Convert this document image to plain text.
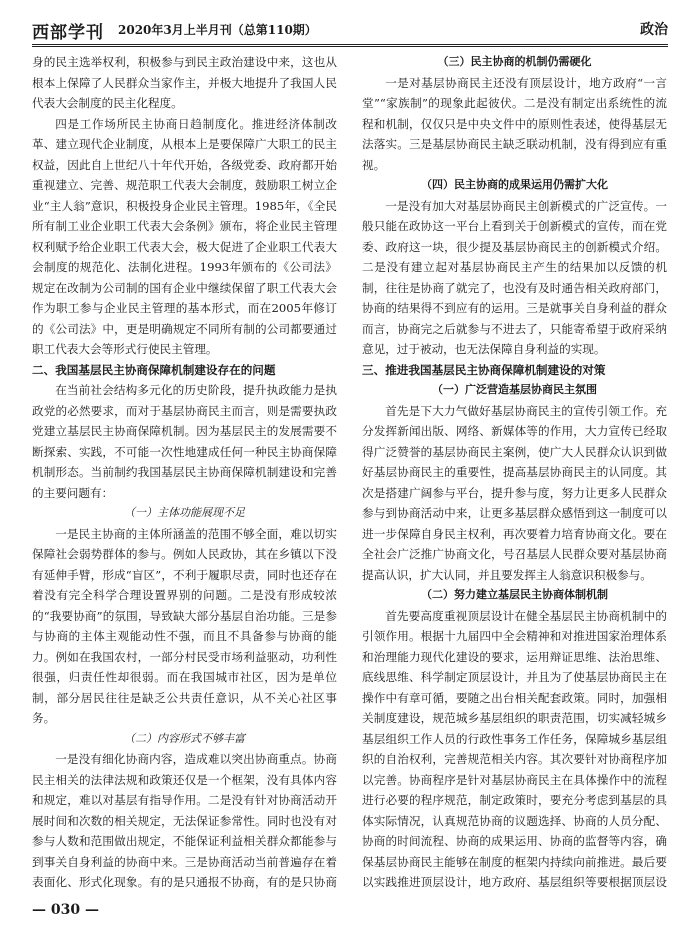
西部学刊 2020年3月上半月刊（总第110期）	政治

身的民主选举权利，积极参与到民主政治建设中来，这也从根本上保障了人民群众当家作主，并极大地提升了我国人民代表大会制度的民主化程度。

四是工作场所民主协商日趋制度化。推进经济体制改革、建立现代企业制度，从根本上是要保障广大职工的民主权益，因此自上世纪八十年代开始，各级党委、政府都开始重视建立、完善、规范职工代表大会制度，鼓励职工树立企业“主人翁”意识，积极投身企业民主管理。1985年，《全民所有制工业企业职工代表大会条例》颁布，将企业民主管理权利赋予给企业职工代表大会，极大促进了企业职工代表大会制度的规范化、法制化进程。1993年颁布的《公司法》规定在改制为公司制的国有企业中继续保留了职工代表大会作为职工参与企业民主管理的基本形式，而在2005年修订的《公司法》中，更是明确规定不同所有制的公司都要通过职工代表大会等形式行使民主管理。

二、我国基层民主协商保障机制建设存在的问题

在当前社会结构多元化的历史阶段，提升执政能力是执政党的必然要求，而对于基层协商民主而言，则是需要执政党建立基层民主协商保障机制。因为基层民主的发展需要不断探索、实践，不可能一次性地建成任何一种民主协商保障机制形态。当前制约我国基层民主协商保障机制建设和完善的主要问题有：

（一）主体功能展现不足

一是民主协商的主体所涵盖的范围不够全面，难以切实保障社会弱势群体的参与。例如人民政协，其在乡镇以下没有延伸手臂，形成“盲区”，不利于履职尽责，同时也还存在着没有完全科学合理设置界别的问题。二是没有形成较浓的“我要协商”的氛围，导致缺大部分基层自治功能。三是参与协商的主体主观能动性不强，而且不具备参与协商的能力。例如在我国农村，一部分村民受市场利益驱动，功利性很强，归责任性却很弱。而在我国城市社区，因为是单位制，部分居民往往是缺乏公共责任意识，从不关心社区事务。

（二）内容形式不够丰富

一是没有细化协商内容，造成难以突出协商重点。协商民主相关的法律法规和政策还仅是一个框架，没有具体内容和规定，难以对基层有指导作用。二是没有针对协商活动开展时间和次数的相关规定，无法保证参常性。同时也没有对参与人数和范围做出规定，不能保证利益相关群众都能参与到事关自身利益的协商中来。三是协商活动当前普遍存在着表面化、形式化现象。有的是只通报不协商，有的是只协商

（三）民主协商的机制仍需硬化

一是对基层协商民主还没有顶层设计，地方政府“一言堂”“家族制”的现象此起彼伏。二是没有制定出系统性的流程和机制，仅仅只是中央文件中的原则性表述，使得基层无法落实。三是基层协商民主缺乏联动机制，没有得到应有重视。

（四）民主协商的成果运用仍需扩大化

一是没有加大对基层协商民主创新模式的广泛宣传。一般只能在政协这一平台上看到关于创新模式的宣传，而在党委、政府这一块，很少提及基层协商民主的创新模式介绍。二是没有建立起对基层协商民主产生的结果加以反馈的机制，往往是协商了就完了，也没有及时通告相关政府部门，协商的结果得不到应有的运用。三是就事关自身利益的群众而言，协商完之后就参与不进去了，只能寄希望于政府采纳意见，过于被动，也无法保障自身利益的实现。

三、推进我国基层民主协商保障机制建设的对策

（一）广泛营造基层协商民主氛围

首先是下大力气做好基层协商民主的宣传引领工作。充分发挥新闻出版、网络、新媒体等的作用，大力宣传已经取得广泛赞誉的基层协商民主案例，使广大人民群众认识到做好基层协商民主的重要性，提高基层协商民主的认同度。其次是搭建广阔参与平台，提升参与度，努力让更多人民群众参与到协商活动中来，让更多基层群众感悟到这一制度可以进一步保障自身民主权利，再次要着力培育协商文化。要在全社会广泛推广协商文化，号召基层人民群众要对基层协商提高认识，扩大认同，并且要发挥主人翁意识积极参与。

（二）努力建立基层民主协商体制机制

首先要高度重视顶层设计在健全基层民主协商机制中的引领作用。根据十九届四中全会精神和对推进国家治理体系和治理能力现代化建设的要求，运用辩证思维、法治思维、底线思维、科学制定顶层设计，并且为了使基层协商民主在操作中有章可循，要随之出台相关配套政策。同时，加强相关制度建设，规范城乡基层组织的职责范围，切实减轻城乡基层组织工作人员的行政性事务工作任务，保障城乡基层组织的自治权利，完善规范相关内容。其次要针对协商程序加以完善。协商程序是针对基层协商民主在具体操作中的流程进行必要的程序规范，制定政策时，要充分考虑到基层的具体实际情况，认真规范协商的议题选择、协商的人员分配、协商的时间流程、协商的成果运用、协商的监督等内容，确保基层协商民主能够在制度的框架内持续向前推进。最后要以实践推进顶层设计，地方政府、基层组织等要根据顶层设

— 030 —
